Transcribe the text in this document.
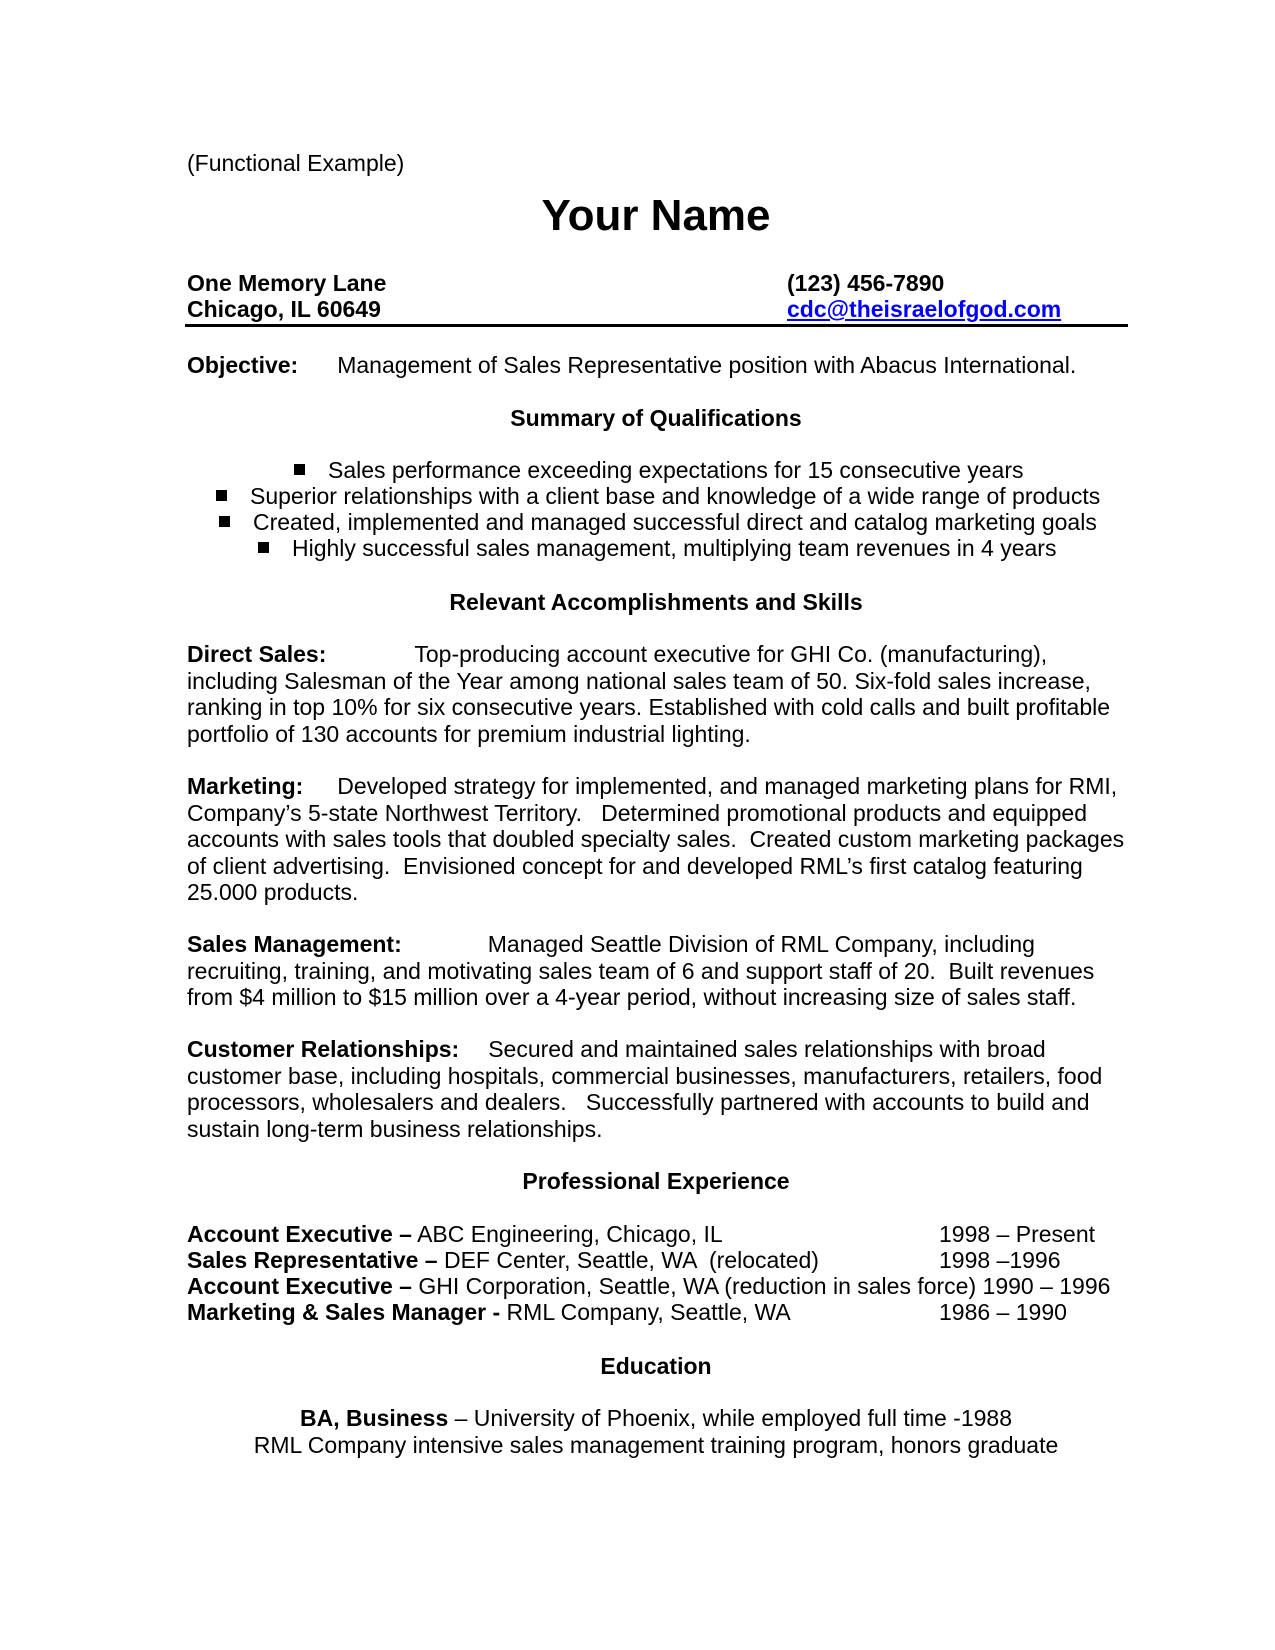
(Functional Example)
Your Name
One Memory Lane
Chicago, IL 60649
(123) 456-7890
cdc@theisraelofgod.com
Objective: Management of Sales Representative position with Abacus International.
Summary of Qualifications
Sales performance exceeding expectations for 15 consecutive years
Superior relationships with a client base and knowledge of a wide range of products
Created, implemented and managed successful direct and catalog marketing goals
Highly successful sales management, multiplying team revenues in 4 years
Relevant Accomplishments and Skills
Direct Sales:	Top-producing account executive for GHI Co. (manufacturing),
including Salesman of the Year among national sales team of 50. Six-fold sales increase,
ranking in top 10% for six consecutive years. Established with cold calls and built profitable
portfolio of 130 accounts for premium industrial lighting.
Marketing: Developed strategy for implemented, and managed marketing plans for RMI,
Company’s 5-state Northwest Territory.   Determined promotional products and equipped
accounts with sales tools that doubled specialty sales.  Created custom marketing packages
of client advertising.  Envisioned concept for and developed RML’s first catalog featuring
25.000 products.
Sales Management:	Managed Seattle Division of RML Company, including
recruiting, training, and motivating sales team of 6 and support staff of 20.  Built revenues
from $4 million to $15 million over a 4-year period, without increasing size of sales staff.
Customer Relationships: Secured and maintained sales relationships with broad
customer base, including hospitals, commercial businesses, manufacturers, retailers, food
processors, wholesalers and dealers.   Successfully partnered with accounts to build and
sustain long-term business relationships.
Professional Experience
Account Executive – ABC Engineering, Chicago, IL	1998 – Present
Sales Representative – DEF Center, Seattle, WA  (relocated)	1998 –1996
Account Executive – GHI Corporation, Seattle, WA (reduction in sales force) 1990 – 1996
Marketing & Sales Manager - RML Company, Seattle, WA	1986 – 1990
Education
BA, Business – University of Phoenix, while employed full time -1988
RML Company intensive sales management training program, honors graduate
